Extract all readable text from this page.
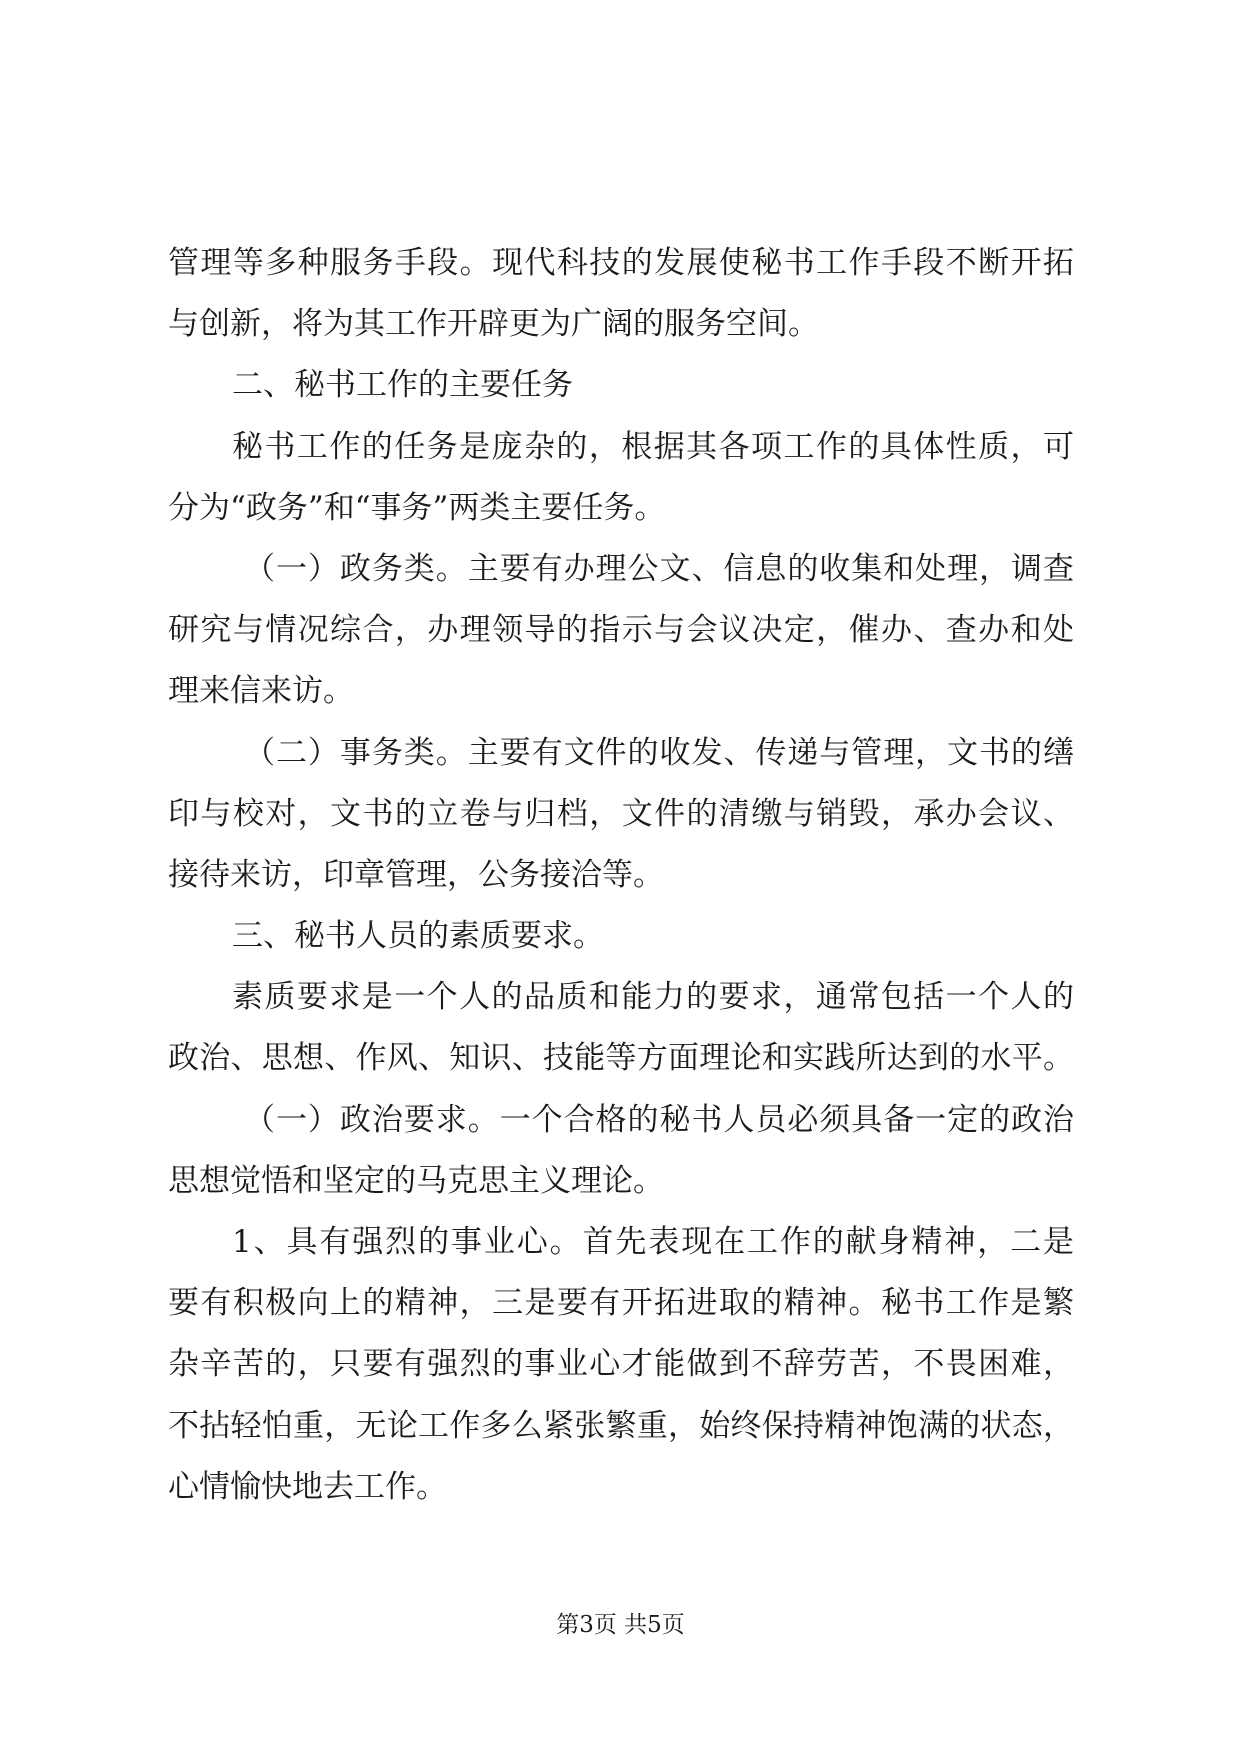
管理等多种服务手段。现代科技的发展使秘书工作手段不断开拓
与创新，将为其工作开辟更为广阔的服务空间。
二、秘书工作的主要任务
秘书工作的任务是庞杂的，根据其各项工作的具体性质，可
分为“政务”和“事务”两类主要任务。
（一）政务类。主要有办理公文、信息的收集和处理，调查
研究与情况综合，办理领导的指示与会议决定，催办、查办和处
理来信来访。
（二）事务类。主要有文件的收发、传递与管理，文书的缮
印与校对，文书的立卷与归档，文件的清缴与销毁，承办会议、
接待来访，印章管理，公务接洽等。
三、秘书人员的素质要求。
素质要求是一个人的品质和能力的要求，通常包括一个人的
政治、思想、作风、知识、技能等方面理论和实践所达到的水平。
（一）政治要求。一个合格的秘书人员必须具备一定的政治
思想觉悟和坚定的马克思主义理论。
1、具有强烈的事业心。首先表现在工作的献身精神，二是
要有积极向上的精神，三是要有开拓进取的精神。秘书工作是繁
杂辛苦的，只要有强烈的事业心才能做到不辞劳苦，不畏困难，
不拈轻怕重，无论工作多么紧张繁重，始终保持精神饱满的状态，
心情愉快地去工作。
第3页 共5页
